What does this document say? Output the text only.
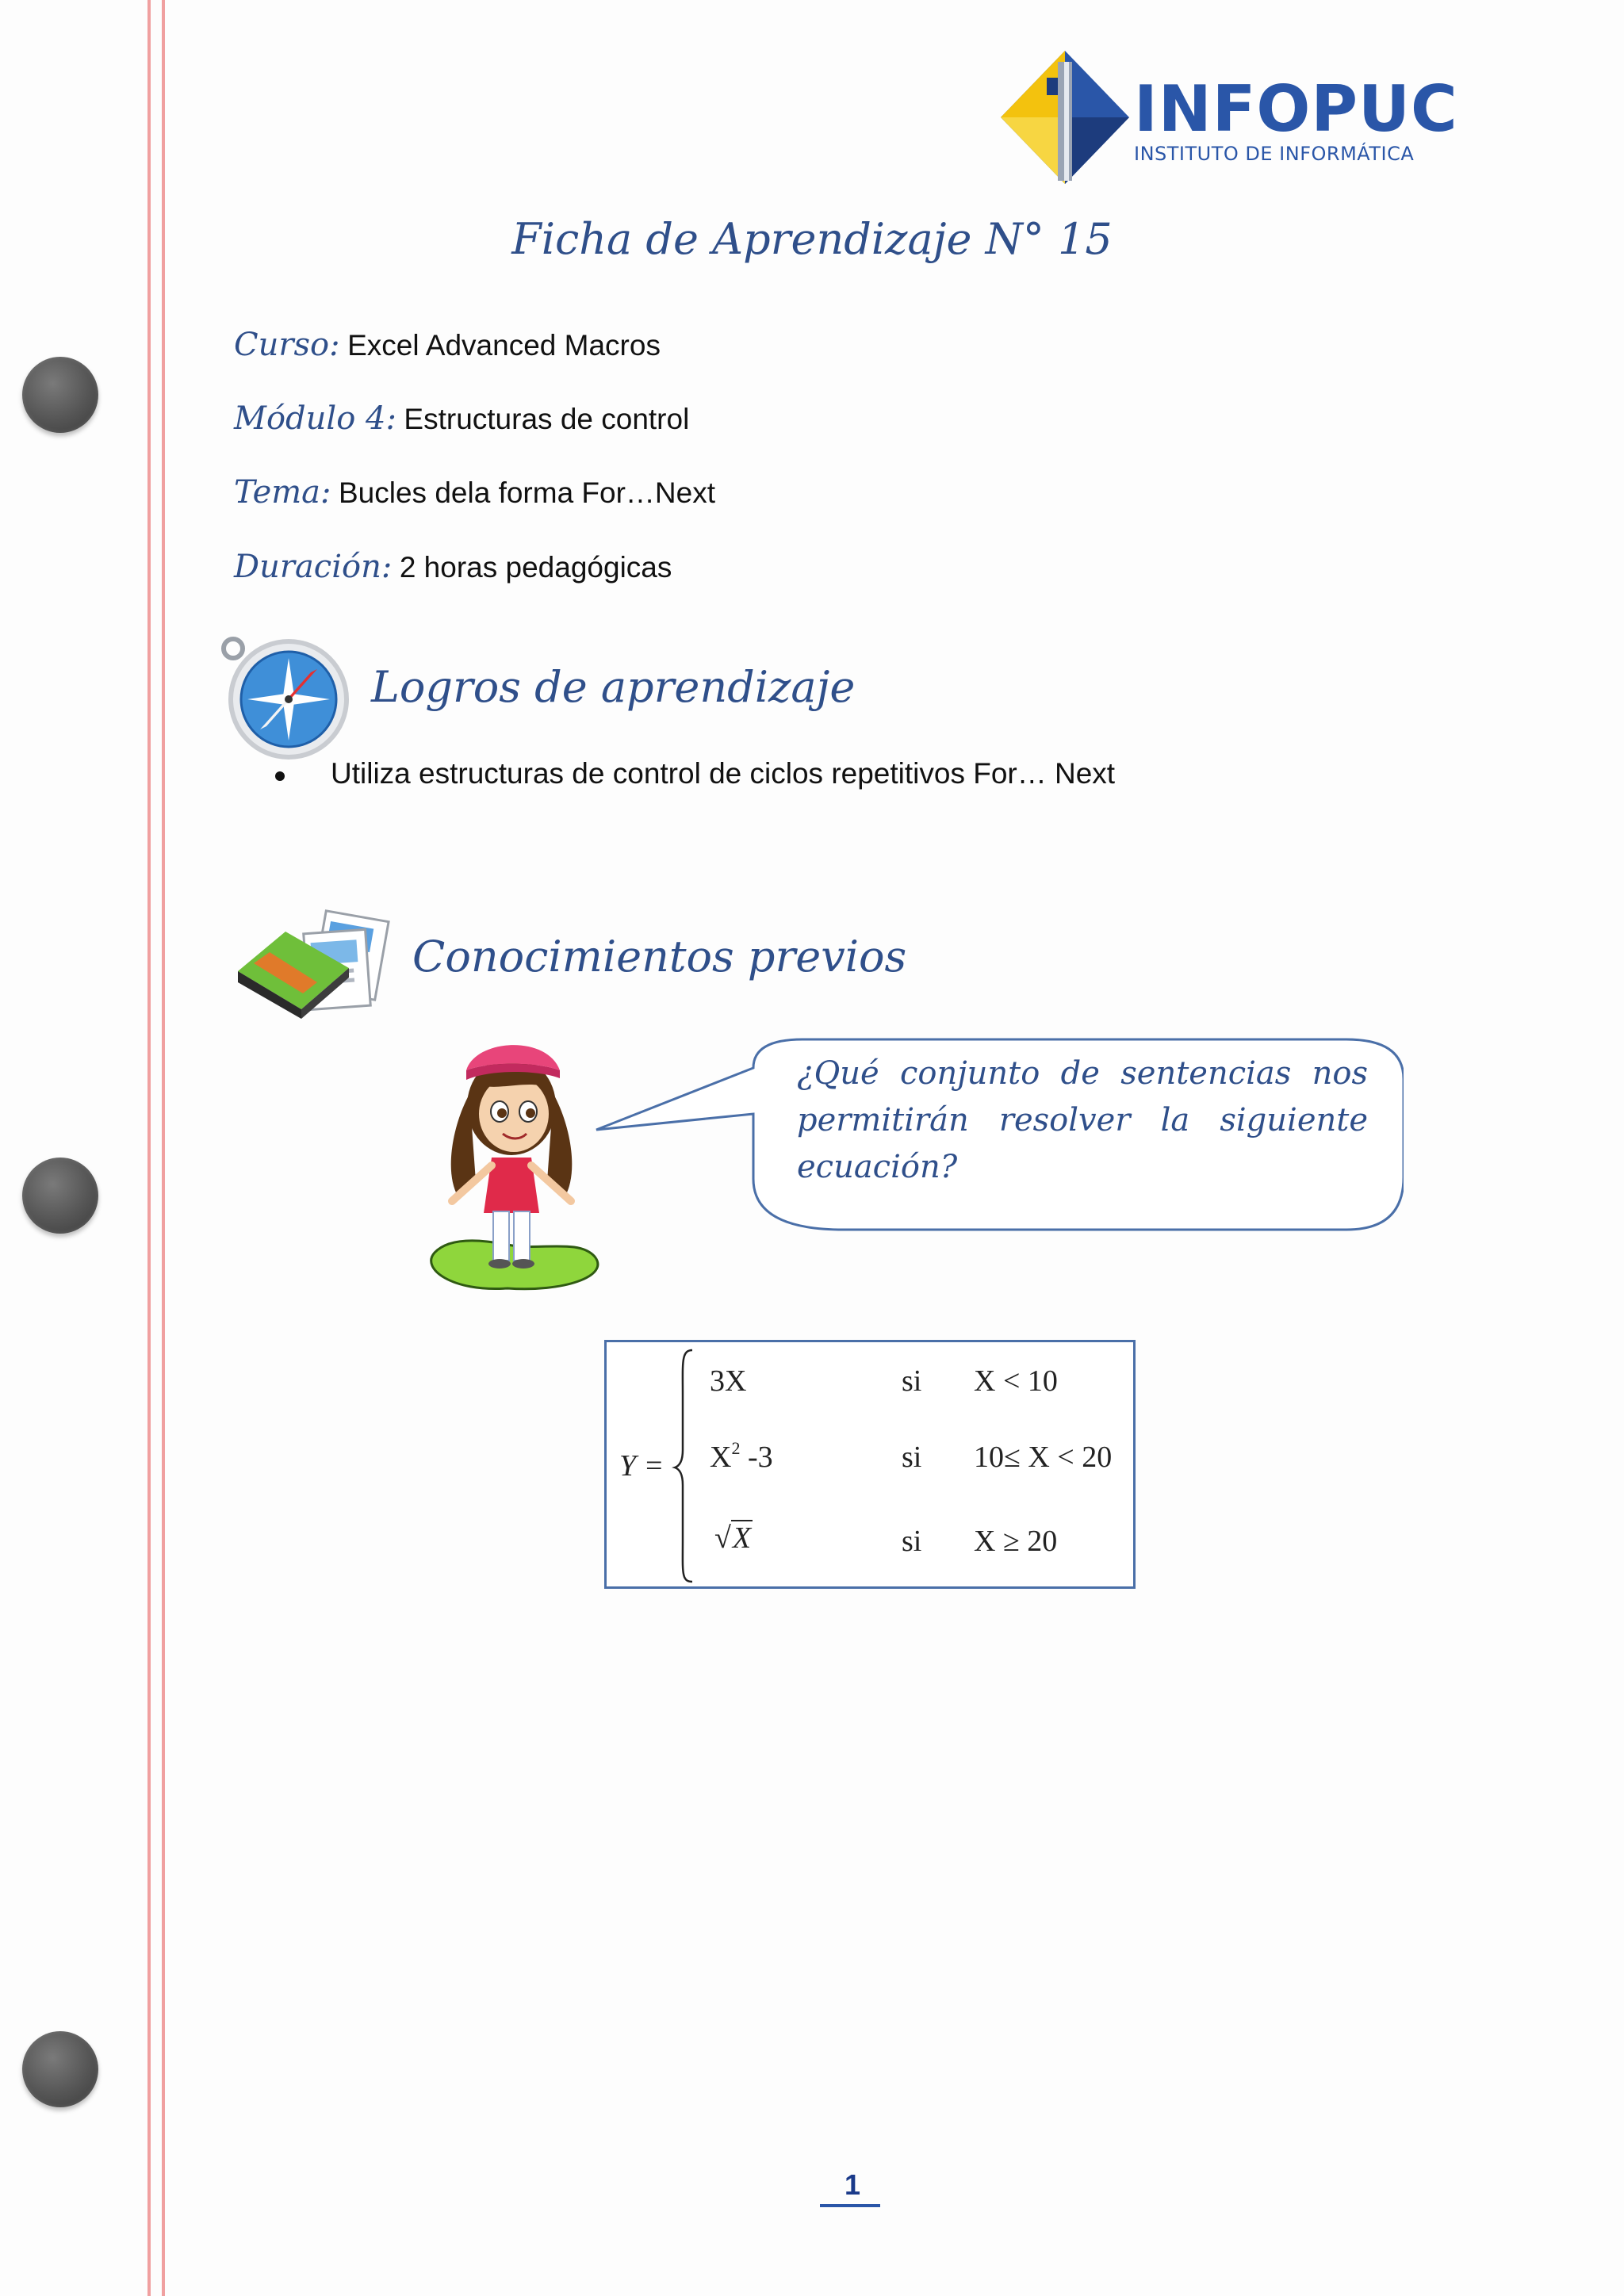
INFOPUC
INSTITUTO DE INFORMÁTICA
Ficha de Aprendizaje N° 15
Curso: Excel Advanced Macros
Módulo 4: Estructuras de control
Tema: Bucles dela forma For…Next
Duración: 2 horas pedagógicas
Logros de aprendizaje
Utiliza estructuras de control de ciclos repetitivos For… Next
Conocimientos previos
¿Qué conjunto de sentencias nos permitirán resolver la siguiente ecuación?
Y =
3X	si X < 10
$X^2$ -3	si 10≤ X < 20
√X	si X ≥ 20
1
